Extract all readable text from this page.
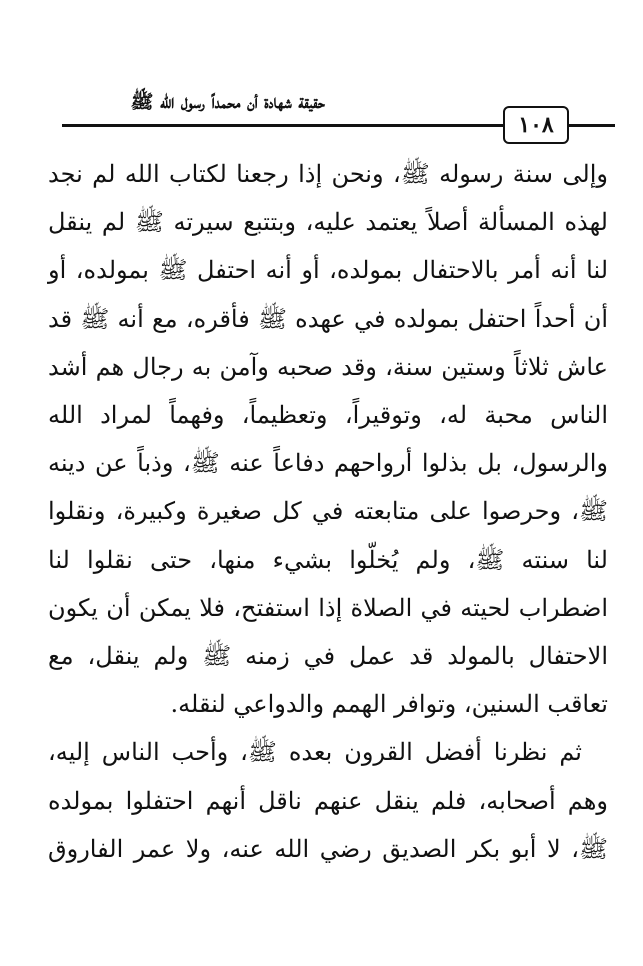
حقيقة شهادة أن محمداً رسول الله ﷺ
١٠٨

وإلى سنة رسوله ﷺ، ونحن إذا رجعنا لكتاب الله لم نجد
لهذه المسألة أصلاً يعتمد عليه، وبتتبع سيرته ﷺ لم ينقل
لنا أنه أمر بالاحتفال بمولده، أو أنه احتفل ﷺ بمولده، أو
أن أحداً احتفل بمولده في عهده ﷺ فأقره، مع أنه ﷺ قد
عاش ثلاثاً وستين سنة، وقد صحبه وآمن به رجال هم أشد
الناس محبة له، وتوقيراً، وتعظيماً، وفهماً لمراد الله
والرسول، بل بذلوا أرواحهم دفاعاً عنه ﷺ، وذباً عن دينه
ﷺ، وحرصوا على متابعته في كل صغيرة وكبيرة، ونقلوا
لنا سنته ﷺ، ولم يُخلّوا بشيء منها، حتى نقلوا لنا
اضطراب لحيته في الصلاة إذا استفتح، فلا يمكن أن يكون
الاحتفال بالمولد قد عمل في زمنه ﷺ ولم ينقل، مع
تعاقب السنين، وتوافر الهمم والدواعي لنقله.

ثم نظرنا أفضل القرون بعده ﷺ، وأحب الناس إليه،
وهم أصحابه، فلم ينقل عنهم ناقل أنهم احتفلوا بمولده
ﷺ، لا أبو بكر الصديق رضي الله عنه، ولا عمر الفاروق
